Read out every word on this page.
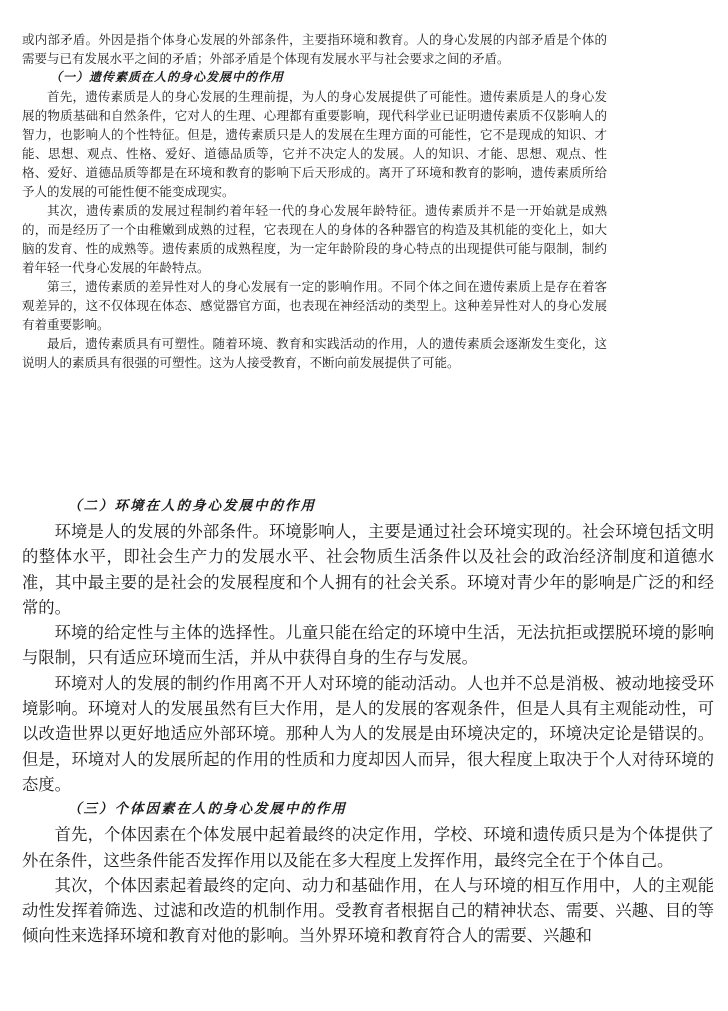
或内部矛盾。外因是指个体身心发展的外部条件，主要指环境和教育。人的身心发展的内部矛盾是个体的需要与已有发展水平之间的矛盾；外部矛盾是个体现有发展水平与社会要求之间的矛盾。

（一）遗传素质在人的身心发展中的作用

首先，遗传素质是人的身心发展的生理前提，为人的身心发展提供了可能性。遗传素质是人的身心发展的物质基础和自然条件，它对人的生理、心理都有重要影响，现代科学业已证明遗传素质不仅影响人的智力，也影响人的个性特征。但是，遗传素质只是人的发展在生理方面的可能性，它不是现成的知识、才能、思想、观点、性格、爱好、道德品质等，它并不决定人的发展。人的知识、才能、思想、观点、性格、爱好、道德品质等都是在环境和教育的影响下后天形成的。离开了环境和教育的影响，遗传素质所给予人的发展的可能性便不能变成现实。

其次，遗传素质的发展过程制约着年轻一代的身心发展年龄特征。遗传素质并不是一开始就是成熟的，而是经历了一个由稚嫩到成熟的过程，它表现在人的身体的各种器官的构造及其机能的变化上，如大脑的发育、性的成熟等。遗传素质的成熟程度，为一定年龄阶段的身心特点的出现提供可能与限制，制约着年轻一代身心发展的年龄特点。

第三，遗传素质的差异性对人的身心发展有一定的影响作用。不同个体之间在遗传素质上是存在着客观差异的，这不仅体现在体态、感觉器官方面，也表现在神经活动的类型上。这种差异性对人的身心发展有着重要影响。

最后，遗传素质具有可塑性。随着环境、教育和实践活动的作用，人的遗传素质会逐渐发生变化，这说明人的素质具有很强的可塑性。这为人接受教育，不断向前发展提供了可能。

（二）环境在人的身心发展中的作用

环境是人的发展的外部条件。环境影响人，主要是通过社会环境实现的。社会环境包括文明的整体水平，即社会生产力的发展水平、社会物质生活条件以及社会的政治经济制度和道德水准，其中最主要的是社会的发展程度和个人拥有的社会关系。环境对青少年的影响是广泛的和经常的。

环境的给定性与主体的选择性。儿童只能在给定的环境中生活，无法抗拒或摆脱环境的影响与限制，只有适应环境而生活，并从中获得自身的生存与发展。

环境对人的发展的制约作用离不开人对环境的能动活动。人也并不总是消极、被动地接受环境影响。环境对人的发展虽然有巨大作用，是人的发展的客观条件，但是人具有主观能动性，可以改造世界以更好地适应外部环境。那种人为人的发展是由环境决定的，环境决定论是错误的。但是，环境对人的发展所起的作用的性质和力度却因人而异，很大程度上取决于个人对待环境的态度。

（三）个体因素在人的身心发展中的作用

首先，个体因素在个体发展中起着最终的决定作用，学校、环境和遗传质只是为个体提供了外在条件，这些条件能否发挥作用以及能在多大程度上发挥作用，最终完全在于个体自己。

其次，个体因素起着最终的定向、动力和基础作用，在人与环境的相互作用中，人的主观能动性发挥着筛选、过滤和改造的机制作用。受教育者根据自己的精神状态、需要、兴趣、目的等倾向性来选择环境和教育对他的影响。当外界环境和教育符合人的需要、兴趣和
